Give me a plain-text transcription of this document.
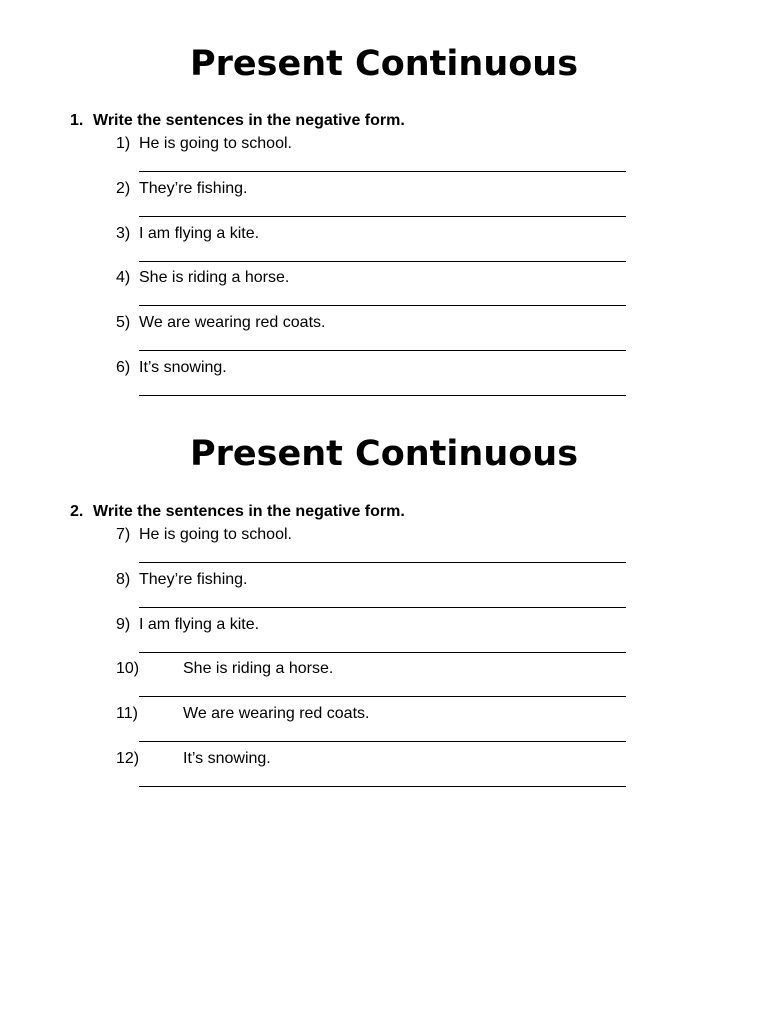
Present Continuous

1. Write the sentences in the negative form.

1) He is going to school.
2) They’re fishing.
3) I am flying a kite.
4) She is riding a horse.
5) We are wearing red coats.
6) It’s snowing.
Present Continuous

2. Write the sentences in the negative form.

7) He is going to school.
8) They’re fishing.
9) I am flying a kite.
10)	She is riding a horse.
11)	We are wearing red coats.
12)	It’s snowing.
